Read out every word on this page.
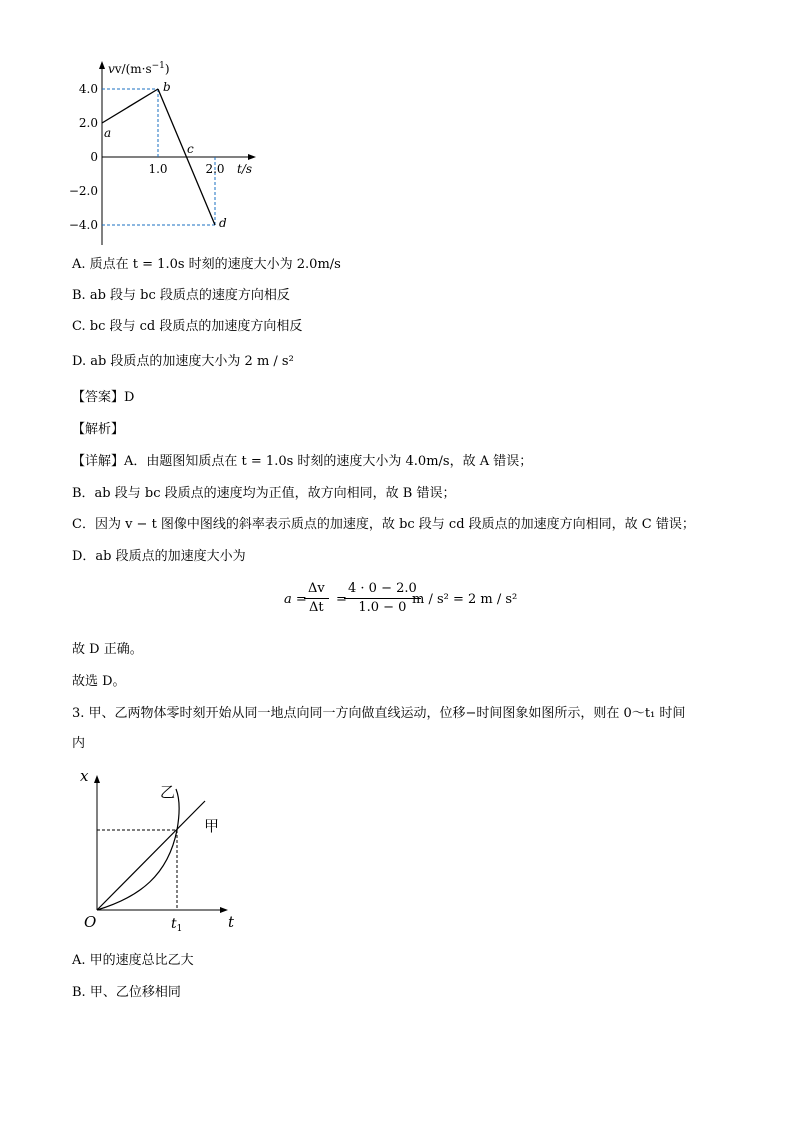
4.0
2.0
0
−2.0
−4.0
1.0	2.0
$vv/(m\cdot s^{-1})$
t/s
a
b
c
d
A. 质点在 t = 1.0s 时刻的速度大小为 2.0m/s
B. ab 段与 bc 段质点的速度方向相反
C. bc 段与 cd 段质点的加速度方向相反
D. ab 段质点的加速度大小为 2 m / s²
【答案】D
【解析】
【详解】A．由题图知质点在 t = 1.0s 时刻的速度大小为 4.0m/s，故 A 错误；
B．ab 段与 bc 段质点的速度均为正值，故方向相同，故 B 错误；
C．因为 v − t 图像中图线的斜率表示质点的加速度，故 bc 段与 cd 段质点的加速度方向相同，故 C 错误；
D．ab 段质点的加速度大小为
a =
$\frac{\Delta v}{\Delta t}$ =
$\frac{4 \cdot 0 - 2.0}{1.0 - 0}$
m / s² = 2 m / s²
故 D 正确。
故选 D。
3. 甲、乙两物体零时刻开始从同一地点向同一方向做直线运动，位移−时间图象如图所示，则在 0～t₁ 时间
内
x
t
O	$t_1$
乙
甲
A. 甲的速度总比乙大
B. 甲、乙位移相同
